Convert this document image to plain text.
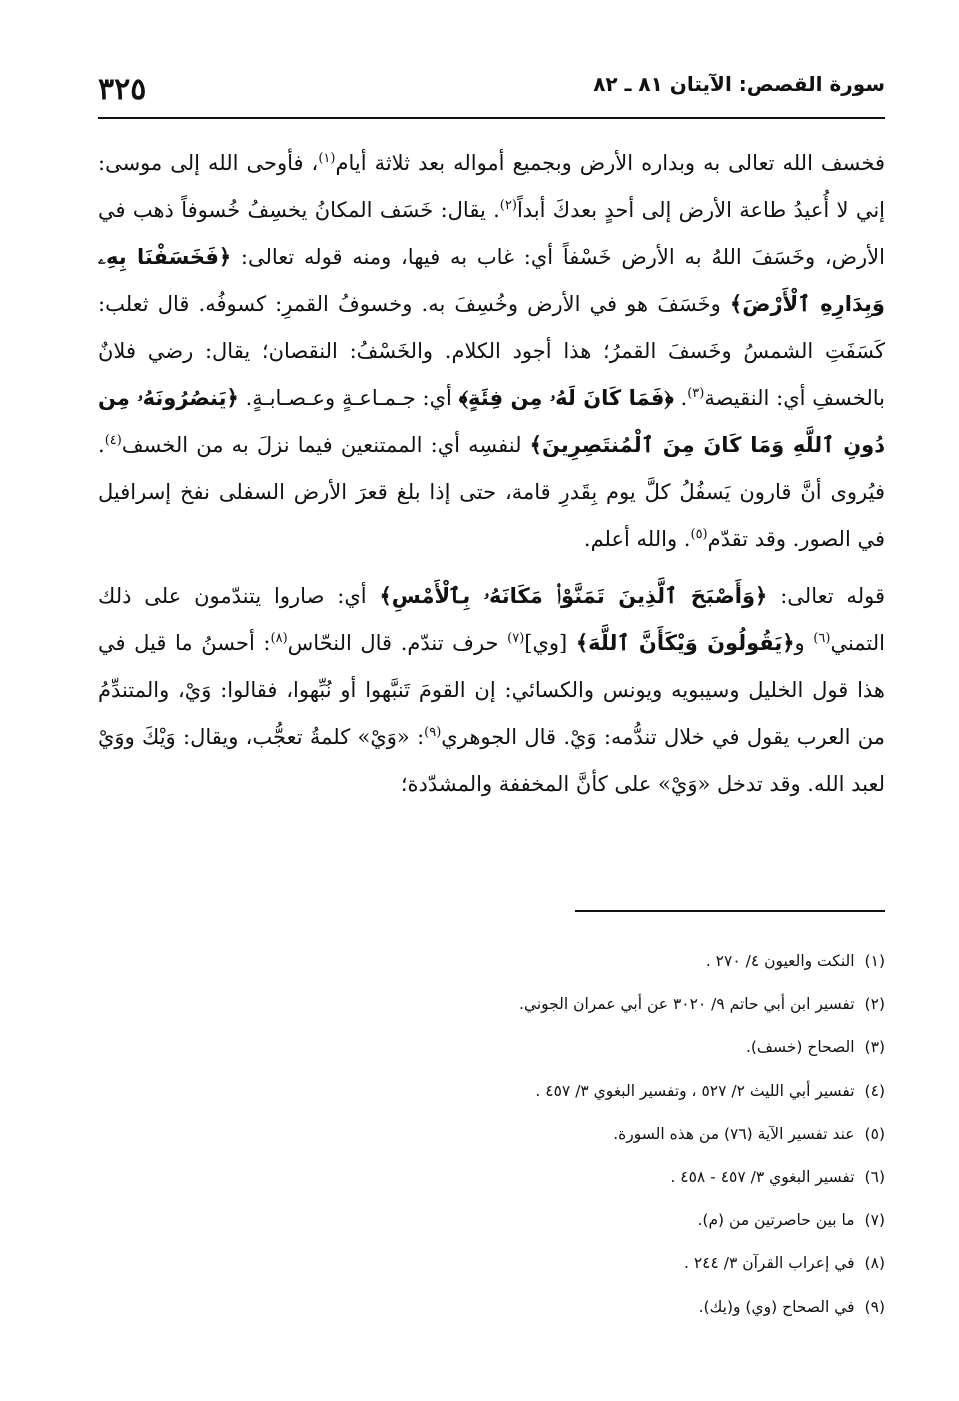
٣٢٥	سورة القصص: الآيتان ٨١ ـ ٨٢

فخسف الله تعالى به وبداره الأرض وبجميع أمواله بعد ثلاثة أيام$^{(١)}$، فأوحى الله إلى موسى: إني لا أُعيدُ طاعة الأرض إلى أحدٍ بعدكَ أبداً$^{(٢)}$. يقال: خَسَف المكانُ يخسِفُ خُسوفاً ذهب في الأرض، وخَسَفَ اللهُ به الأرض خَسْفاً أي: غاب به فيها، ومنه قوله تعالى: ﴿فَخَسَفْنَا بِهِۦ وَبِدَارِهِ ٱلْأَرْضَ﴾ وخَسَفَ هو في الأرض وخُسِفَ به. وخسوفُ القمرِ: كسوفُه. قال ثعلب: كَسَفَتِ الشمسُ وخَسفَ القمرُ؛ هذا أجود الكلام. والخَسْفُ: النقصان؛ يقال: رضي فلانٌ بالخسفِ أي: النقيصة$^{(٣)}$. ﴿فَمَا كَانَ لَهُۥ مِن فِئَةٍ﴾ أي: جـمـاعـةٍ وعـصـابـةٍ. ﴿يَنصُرُونَهُۥ مِن دُونِ ٱللَّهِ وَمَا كَانَ مِنَ ٱلْمُنتَصِرِينَ﴾ لنفسِه أي: الممتنعين فيما نزلَ به من الخسف$^{(٤)}$. فيُروى أنَّ قارون يَسفُلُ كلَّ يوم بِقَدرِ قامة، حتى إذا بلغ قعرَ الأرض السفلى نفخ إسرافيل في الصور. وقد تقدّم$^{(٥)}$. والله أعلم.

قوله تعالى: ﴿وَأَصْبَحَ ٱلَّذِينَ تَمَنَّوْا۟ مَكَانَهُۥ بِٱلْأَمْسِ﴾ أي: صاروا يتندّمون على ذلك التمني$^{(٦)}$ و﴿يَقُولُونَ وَيْكَأَنَّ ٱللَّهَ﴾ [وي]$^{(٧)}$ حرف تندّم. قال النحّاس$^{(٨)}$: أحسنُ ما قيل في هذا قول الخليل وسيبويه ويونس والكسائي: إن القومَ تَنبَّهوا أو نُبِّهوا، فقالوا: وَيْ، والمتندِّمُ من العرب يقول في خلال تندُّمه: وَيْ. قال الجوهري$^{(٩)}$: «وَيْ» كلمةُ تعجُّب، ويقال: وَيْكَ ووَيْ لعبد الله. وقد تدخل «وَيْ» على كأنَّ المخففة والمشدّدة؛

(١)النكت والعيون ٤/ ٢٧٠ .
(٢)تفسير ابن أبي حاتم ٩/ ٣٠٢٠ عن أبي عمران الجوني.
(٣)الصحاح (خسف).
(٤)تفسير أبي الليث ٢/ ٥٢٧ ، وتفسير البغوي ٣/ ٤٥٧ .
(٥)عند تفسير الآية (٧٦) من هذه السورة.
(٦)تفسير البغوي ٣/ ٤٥٧ - ٤٥٨ .
(٧)ما بين حاصرتين من (م).
(٨)في إعراب القرآن ٣/ ٢٤٤ .
(٩)في الصحاح (وي) و(يك).
